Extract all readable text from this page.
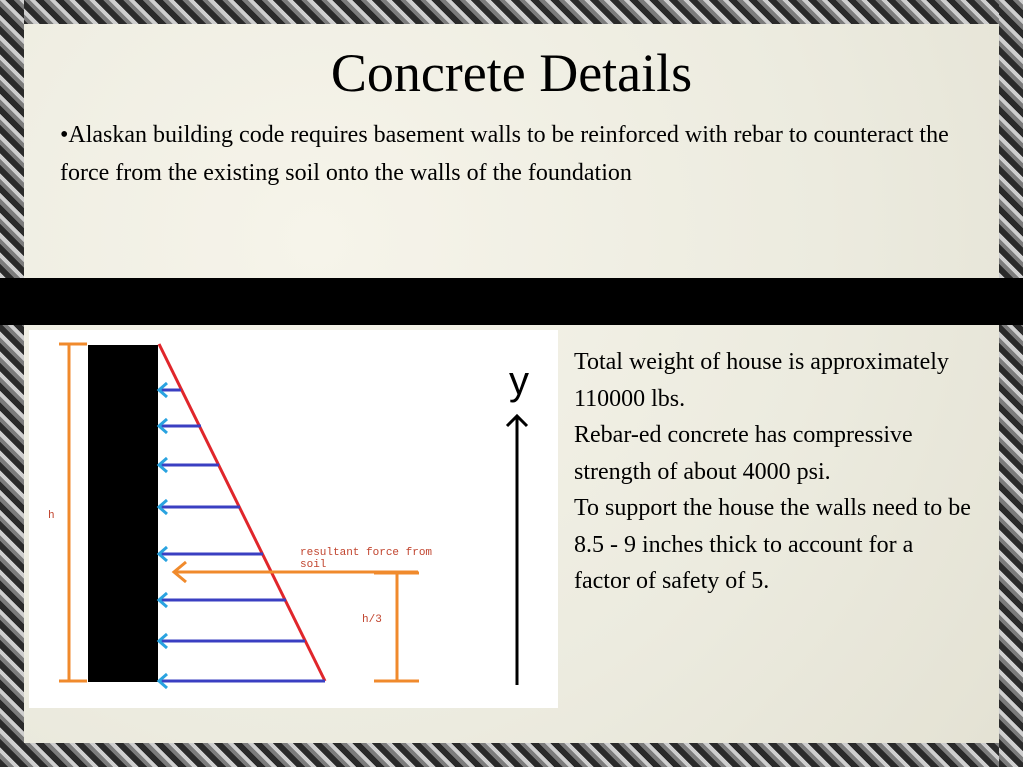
Concrete Details
•Alaskan building code requires basement walls to be reinforced with rebar to counteract the force from the existing soil onto the walls of the foundation
h
resultant force from
soil
h/3
y Total weight of house is approximately 110000 lbs.
Rebar-ed concrete has compressive strength of about 4000 psi.
To support the house the walls need to be 8.5 - 9 inches thick to account for a factor of safety of 5.
